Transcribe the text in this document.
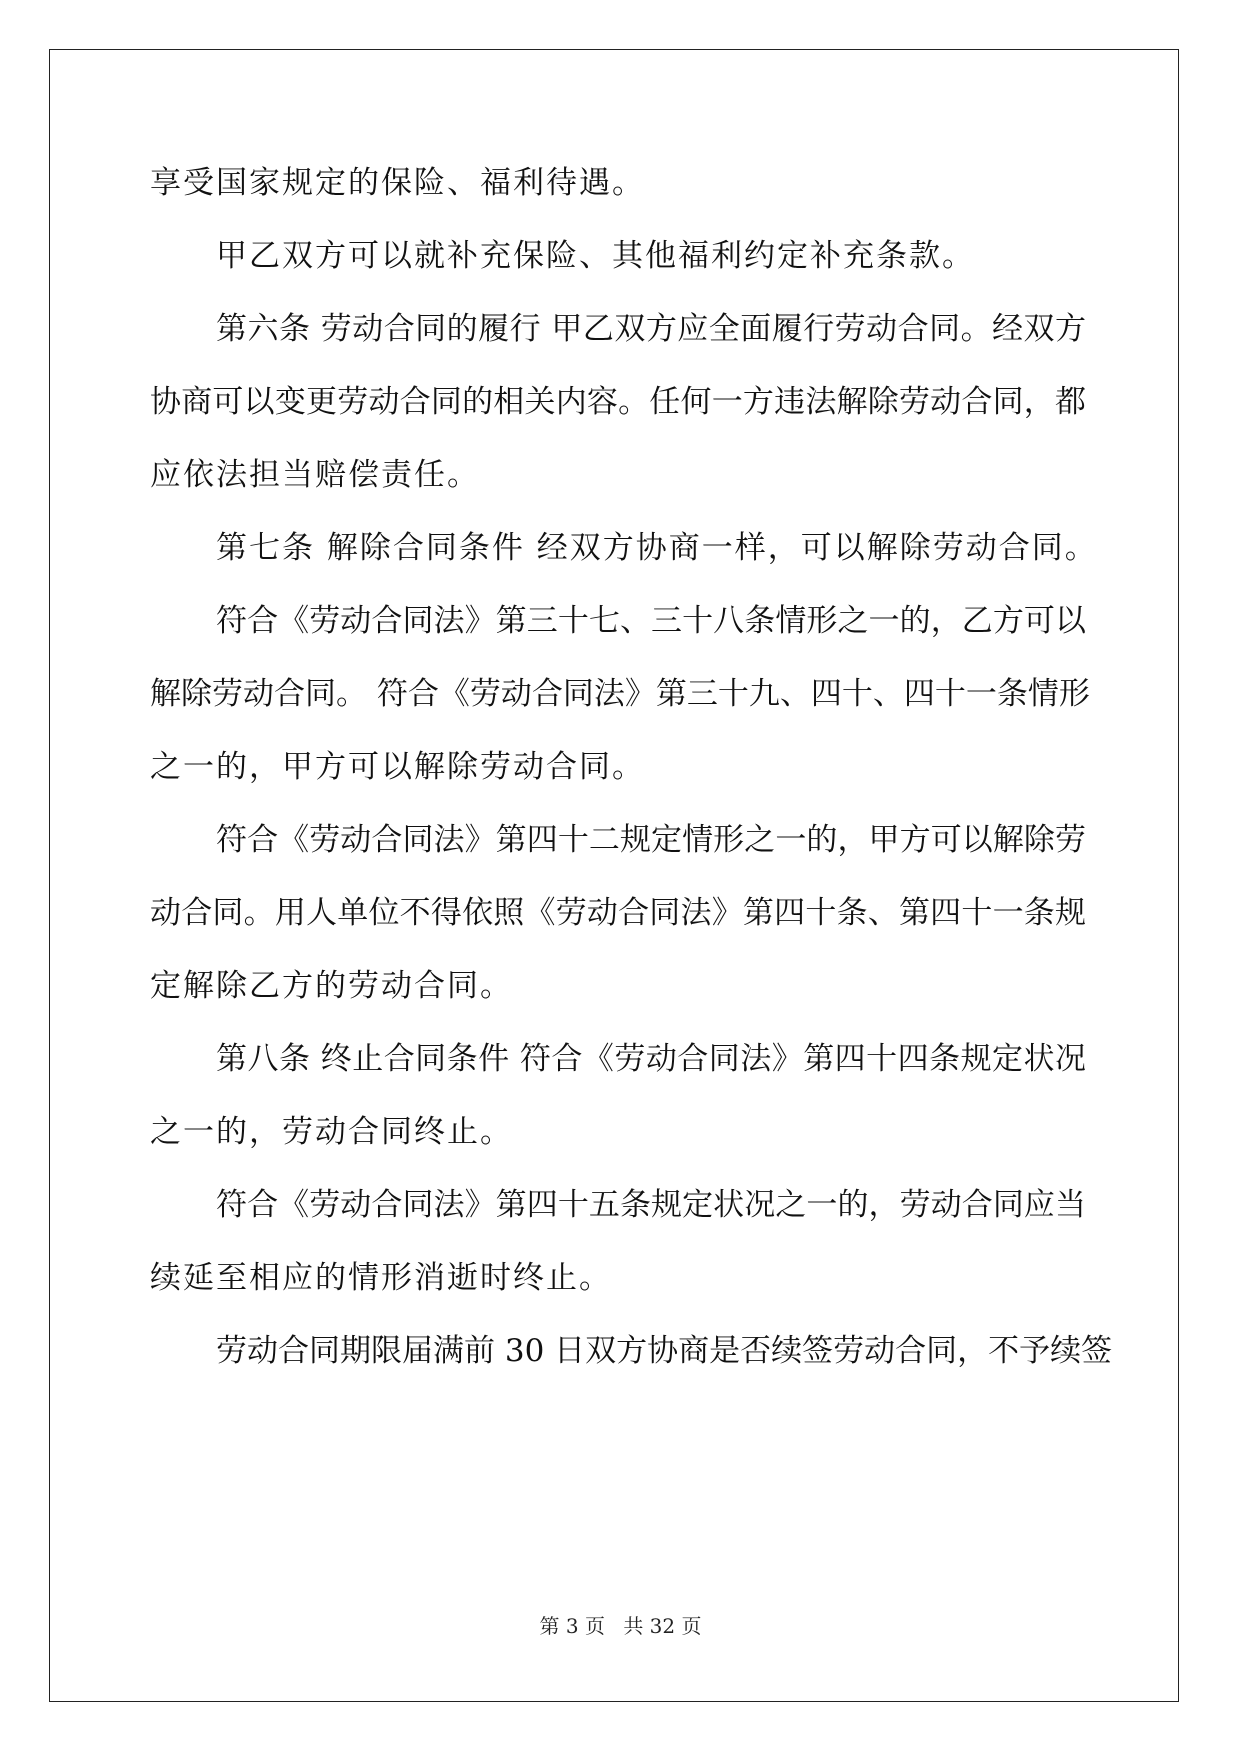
享受国家规定的保险、福利待遇。
甲乙双方可以就补充保险、其他福利约定补充条款。
第六条 劳动合同的履行 甲乙双方应全面履行劳动合同。经双方
协商可以变更劳动合同的相关内容。任何一方违法解除劳动合同，都
应依法担当赔偿责任。
第七条 解除合同条件 经双方协商一样，可以解除劳动合同。
符合《劳动合同法》第三十七、三十八条情形之一的，乙方可以
解除劳动合同。 符合《劳动合同法》第三十九、四十、四十一条情形
之一的，甲方可以解除劳动合同。
符合《劳动合同法》第四十二规定情形之一的，甲方可以解除劳
动合同。用人单位不得依照《劳动合同法》第四十条、第四十一条规
定解除乙方的劳动合同。
第八条 终止合同条件 符合《劳动合同法》第四十四条规定状况
之一的，劳动合同终止。
符合《劳动合同法》第四十五条规定状况之一的，劳动合同应当
续延至相应的情形消逝时终止。
劳动合同期限届满前 30 日双方协商是否续签劳动合同，不予续签
第 3 页 共 32 页
